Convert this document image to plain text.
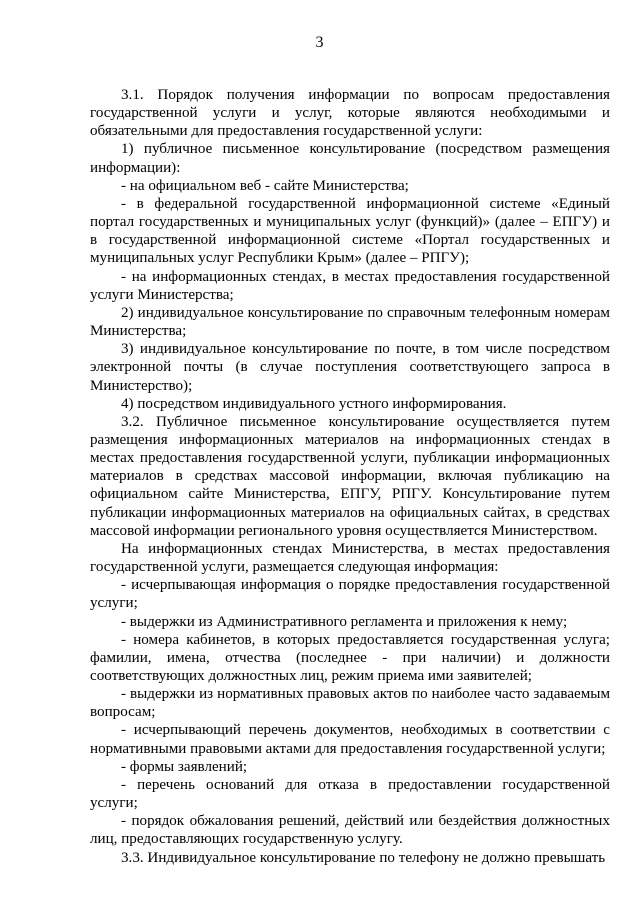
3

3.1. Порядок получения информации по вопросам предоставления государственной услуги и услуг, которые являются необходимыми и обязательными для предоставления государственной услуги:

1) публичное письменное консультирование (посредством размещения информации):

- на официальном веб - сайте Министерства;

- в федеральной государственной информационной системе «Единый портал государственных и муниципальных услуг (функций)» (далее – ЕПГУ) и в государственной информационной системе «Портал государственных и муниципальных услуг Республики Крым» (далее – РПГУ);

- на информационных стендах, в местах предоставления государственной услуги Министерства;

2) индивидуальное консультирование по справочным телефонным номерам Министерства;

3) индивидуальное консультирование по почте, в том числе посредством электронной почты (в случае поступления соответствующего запроса в Министерство);

4) посредством индивидуального устного информирования.

3.2. Публичное письменное консультирование осуществляется путем размещения информационных материалов на информационных стендах в местах предоставления государственной услуги, публикации информационных материалов в средствах массовой информации, включая публикацию на официальном сайте Министерства, ЕПГУ, РПГУ. Консультирование путем публикации информационных материалов на официальных сайтах, в средствах массовой информации регионального уровня осуществляется Министерством.

На информационных стендах Министерства, в местах предоставления государственной услуги, размещается следующая информация:

- исчерпывающая информация о порядке предоставления государственной услуги;

- выдержки из Административного регламента и приложения к нему;

- номера кабинетов, в которых предоставляется государственная услуга; фамилии, имена, отчества (последнее - при наличии) и должности соответствующих должностных лиц, режим приема ими заявителей;

- выдержки из нормативных правовых актов по наиболее часто задаваемым вопросам;

- исчерпывающий перечень документов, необходимых в соответствии с нормативными правовыми актами для предоставления государственной услуги;

- формы заявлений;

- перечень оснований для отказа в предоставлении государственной услуги;

- порядок обжалования решений, действий или бездействия должностных лиц, предоставляющих государственную услугу.

3.3. Индивидуальное консультирование по телефону не должно превышать
